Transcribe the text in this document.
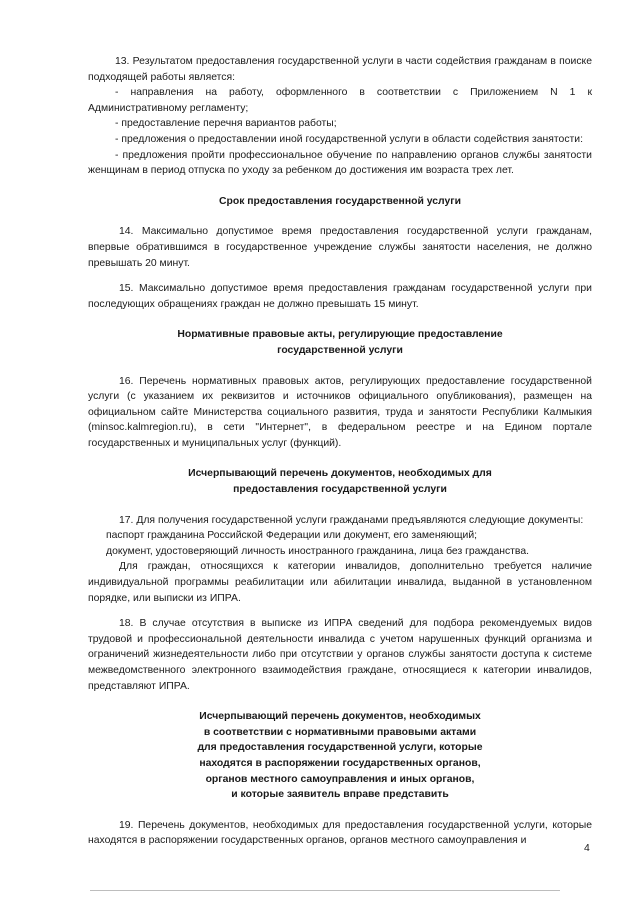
13. Результатом предоставления государственной услуги в части содействия гражданам в поиске подходящей работы является:

- направления на работу, оформленного в соответствии с Приложением N 1 к Административному регламенту;

- предоставление перечня вариантов работы;

- предложения о предоставлении иной государственной услуги в области содействия занятости:

- предложения пройти профессиональное обучение по направлению органов службы занятости женщинам в период отпуска по уходу за ребенком до достижения им возраста трех лет.

Срок предоставления государственной услуги

14. Максимально допустимое время предоставления государственной услуги гражданам, впервые обратившимся в государственное учреждение службы занятости населения, не должно превышать 20 минут.

15. Максимально допустимое время предоставления гражданам государственной услуги при последующих обращениях граждан не должно превышать 15 минут.

Нормативные правовые акты, регулирующие предоставление государственной услуги

16. Перечень нормативных правовых актов, регулирующих предоставление государственной услуги (с указанием их реквизитов и источников официального опубликования), размещен на официальном сайте Министерства социального развития, труда и занятости Республики Калмыкия (minsoc.kalmregion.ru), в сети "Интернет", в федеральном реестре и на Едином портале государственных и муниципальных услуг (функций).

Исчерпывающий перечень документов, необходимых для предоставления государственной услуги

17. Для получения государственной услуги гражданами предъявляются следующие документы:

паспорт гражданина Российской Федерации или документ, его заменяющий;

документ, удостоверяющий личность иностранного гражданина, лица без гражданства.

Для граждан, относящихся к категории инвалидов, дополнительно требуется наличие индивидуальной программы реабилитации или абилитации инвалида, выданной в установленном порядке, или выписки из ИПРА.

18. В случае отсутствия в выписке из ИПРА сведений для подбора рекомендуемых видов трудовой и профессиональной деятельности инвалида с учетом нарушенных функций организма и ограничений жизнедеятельности либо при отсутствии у органов службы занятости доступа к системе межведомственного электронного взаимодействия граждане, относящиеся к категории инвалидов, представляют ИПРА.

Исчерпывающий перечень документов, необходимых
в соответствии с нормативными правовыми актами
для предоставления государственной услуги, которые
находятся в распоряжении государственных органов,
органов местного самоуправления и иных органов,
и которые заявитель вправе представить

19. Перечень документов, необходимых для предоставления государственной услуги, которые находятся в распоряжении государственных органов, органов местного самоуправления и

4
